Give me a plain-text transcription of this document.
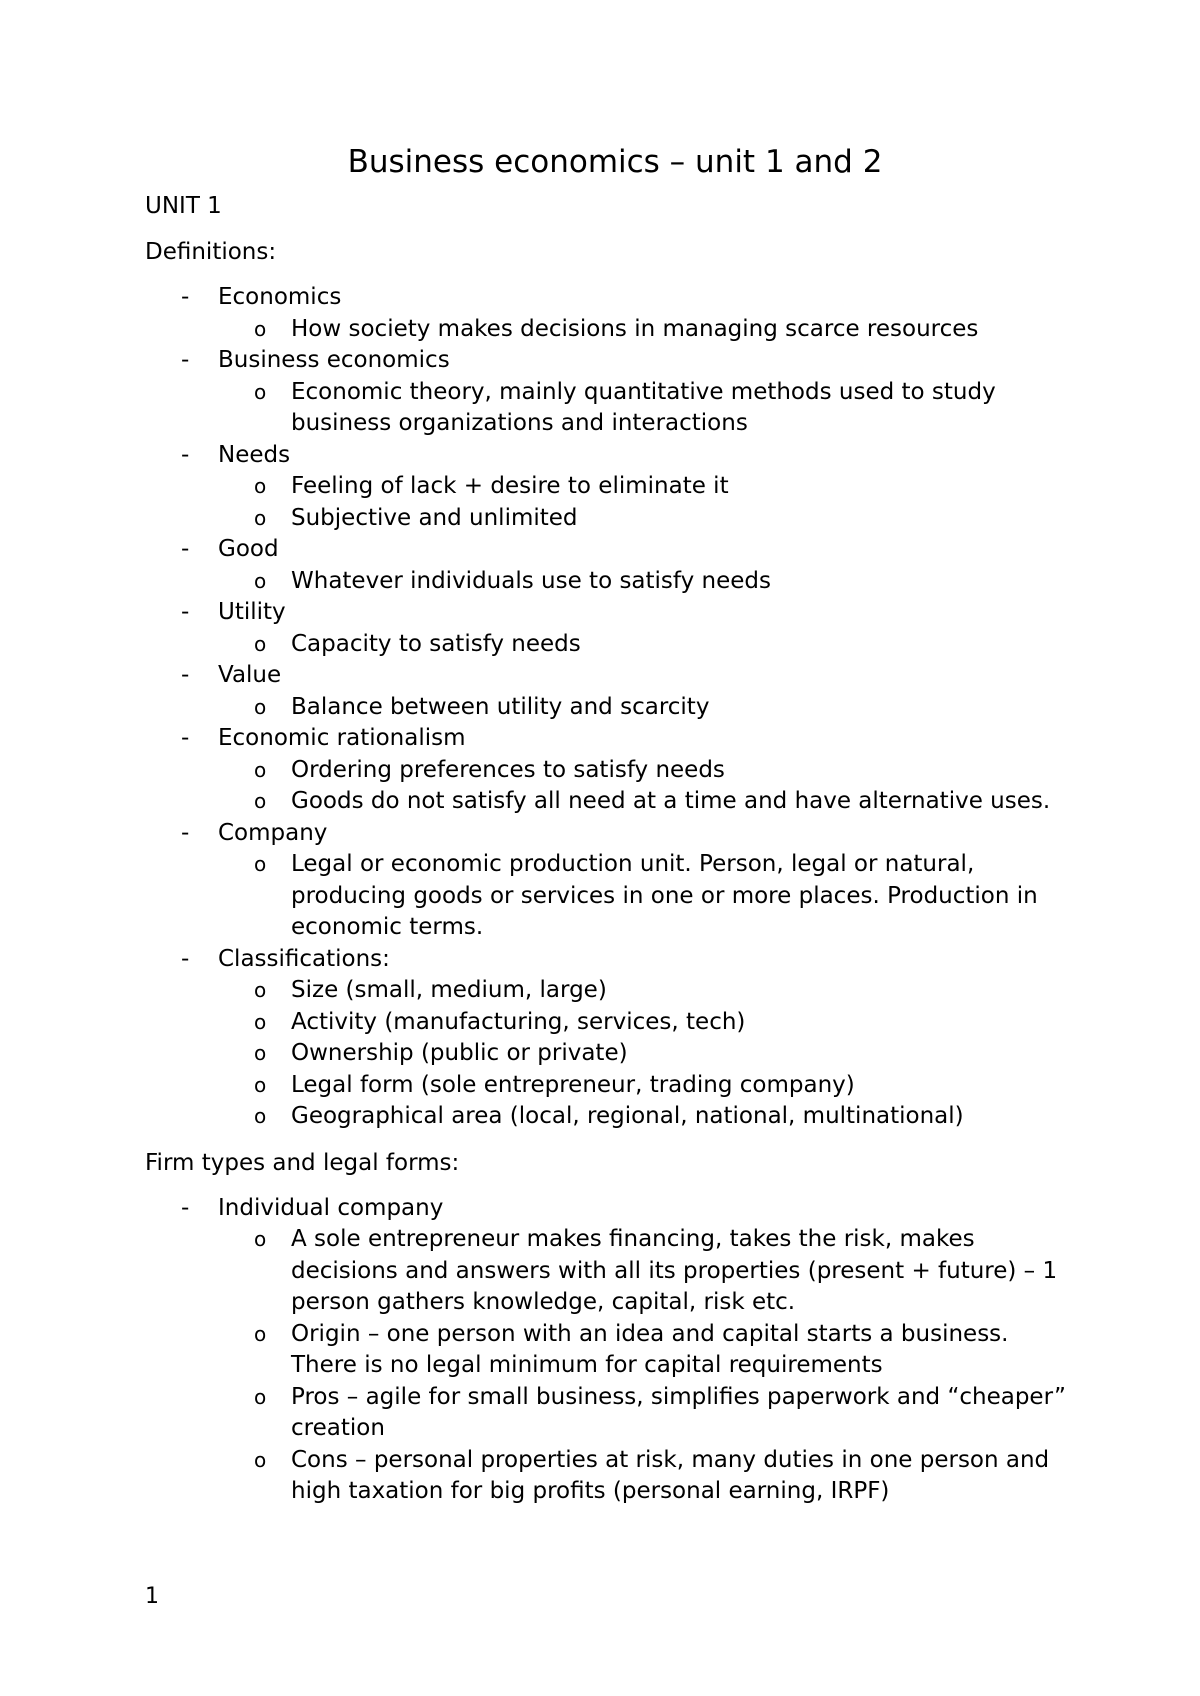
Business economics – unit 1 and 2

UNIT 1

Definitions:

- Economics
o How society makes decisions in managing scarce resources
- Business economics
o Economic theory, mainly quantitative methods used to study business organizations and interactions
- Needs
o Feeling of lack + desire to eliminate it
o Subjective and unlimited
- Good
o Whatever individuals use to satisfy needs
- Utility
o Capacity to satisfy needs
- Value
o Balance between utility and scarcity
- Economic rationalism
o Ordering preferences to satisfy needs
o Goods do not satisfy all need at a time and have alternative uses.
- Company
o Legal or economic production unit. Person, legal or natural, producing goods or services in one or more places. Production in economic terms.
- Classifications:
o Size (small, medium, large)
o Activity (manufacturing, services, tech)
o Ownership (public or private)
o Legal form (sole entrepreneur, trading company)
o Geographical area (local, regional, national, multinational)

Firm types and legal forms:

- Individual company
o A sole entrepreneur makes financing, takes the risk, makes decisions and answers with all its properties (present + future) – 1 person gathers knowledge, capital, risk etc.
o Origin – one person with an idea and capital starts a business. There is no legal minimum for capital requirements
o Pros – agile for small business, simplifies paperwork and “cheaper” creation
o Cons – personal properties at risk, many duties in one person and high taxation for big profits (personal earning, IRPF)
1
